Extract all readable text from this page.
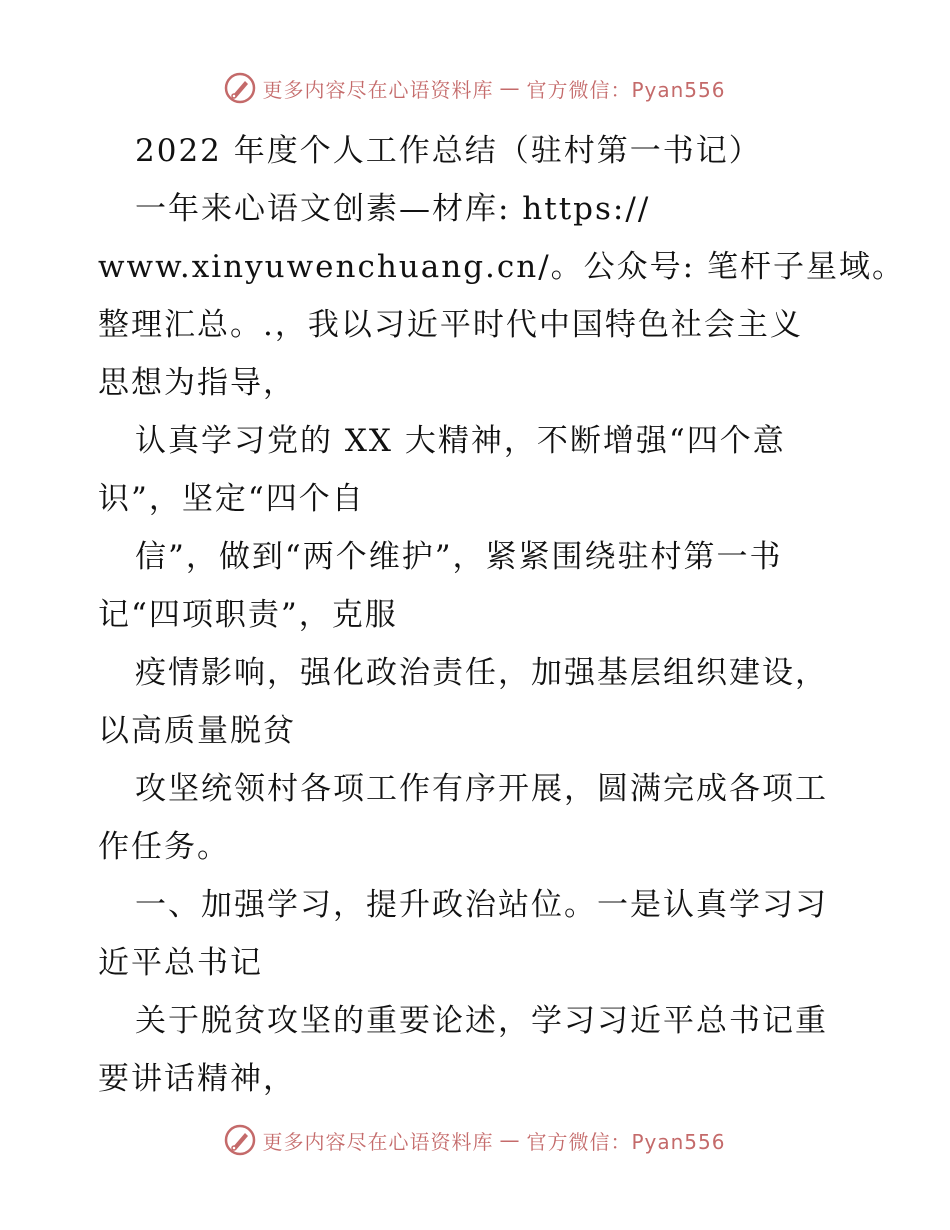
更多内容尽在心语资料库 — 官方微信：Pyan556
2022 年度个人工作总结（驻村第一书记）
一年来心语文创素—材库: https://
www.xinyuwenchuang.cn/。公众号: 笔杆子星域。
整理汇总。.，我以习近平时代中国特色社会主义
思想为指导，
认真学习党的 XX 大精神，不断增强“四个意
识”，坚定“四个自
信”，做到“两个维护”，紧紧围绕驻村第一书
记“四项职责”，克服
疫情影响，强化政治责任，加强基层组织建设，
以高质量脱贫
攻坚统领村各项工作有序开展，圆满完成各项工
作任务。
一、加强学习，提升政治站位。一是认真学习习
近平总书记
关于脱贫攻坚的重要论述，学习习近平总书记重
要讲话精神，
更多内容尽在心语资料库 — 官方微信：Pyan556
